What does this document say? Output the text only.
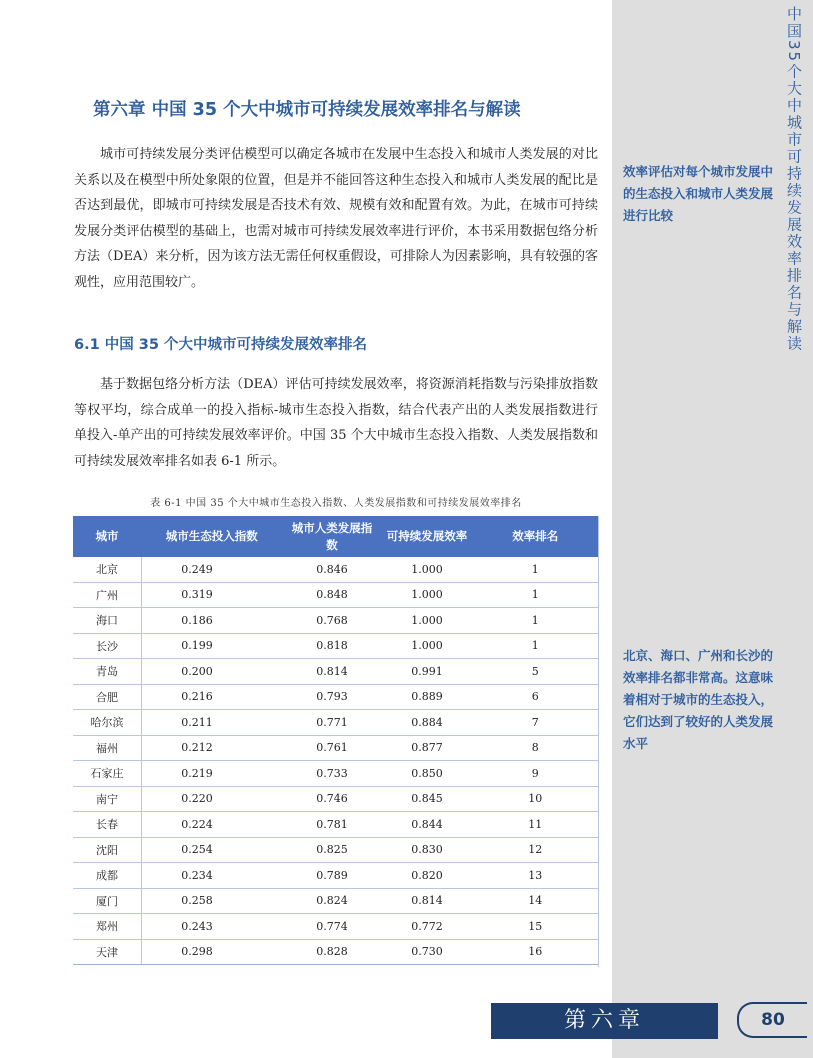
中国35个大中城市可持续发展效率排名与解读
效率评估对每个城市发展中的生态投入和城市人类发展进行比较
北京、海口、广州和长沙的效率排名都非常高。这意味着相对于城市的生态投入，它们达到了较好的人类发展水平
第六章 中国 35 个大中城市可持续发展效率排名与解读

城市可持续发展分类评估模型可以确定各城市在发展中生态投入和城市人类发展的对比关系以及在模型中所处象限的位置，但是并不能回答这种生态投入和城市人类发展的配比是否达到最优，即城市可持续发展是否技术有效、规模有效和配置有效。为此，在城市可持续发展分类评估模型的基础上，也需对城市可持续发展效率进行评价，本书采用数据包络分析方法（DEA）来分析，因为该方法无需任何权重假设，可排除人为因素影响，具有较强的客观性，应用范围较广。

6.1 中国 35 个大中城市可持续发展效率排名

基于数据包络分析方法（DEA）评估可持续发展效率，将资源消耗指数与污染排放指数等权平均，综合成单一的投入指标-城市生态投入指数，结合代表产出的人类发展指数进行单投入-单产出的可持续发展效率评价。中国 35 个大中城市生态投入指数、人类发展指数和可持续发展效率排名如表 6-1 所示。

表 6-1 中国 35 个大中城市生态投入指数、人类发展指数和可持续发展效率排名
城市	城市生态投入指数	城市人类发展指数	可持续发展效率	效率排名
北京	0.249	0.846	1.000	1
广州	0.319	0.848	1.000	1
海口	0.186	0.768	1.000	1
长沙	0.199	0.818	1.000	1
青岛	0.200	0.814	0.991	5
合肥	0.216	0.793	0.889	6
哈尔滨	0.211	0.771	0.884	7
福州	0.212	0.761	0.877	8
石家庄	0.219	0.733	0.850	9
南宁	0.220	0.746	0.845	10
长春	0.224	0.781	0.844	11
沈阳	0.254	0.825	0.830	12
成都	0.234	0.789	0.820	13
厦门	0.258	0.824	0.814	14
郑州	0.243	0.774	0.772	15
天津	0.298	0.828	0.730	16
第六章	80
